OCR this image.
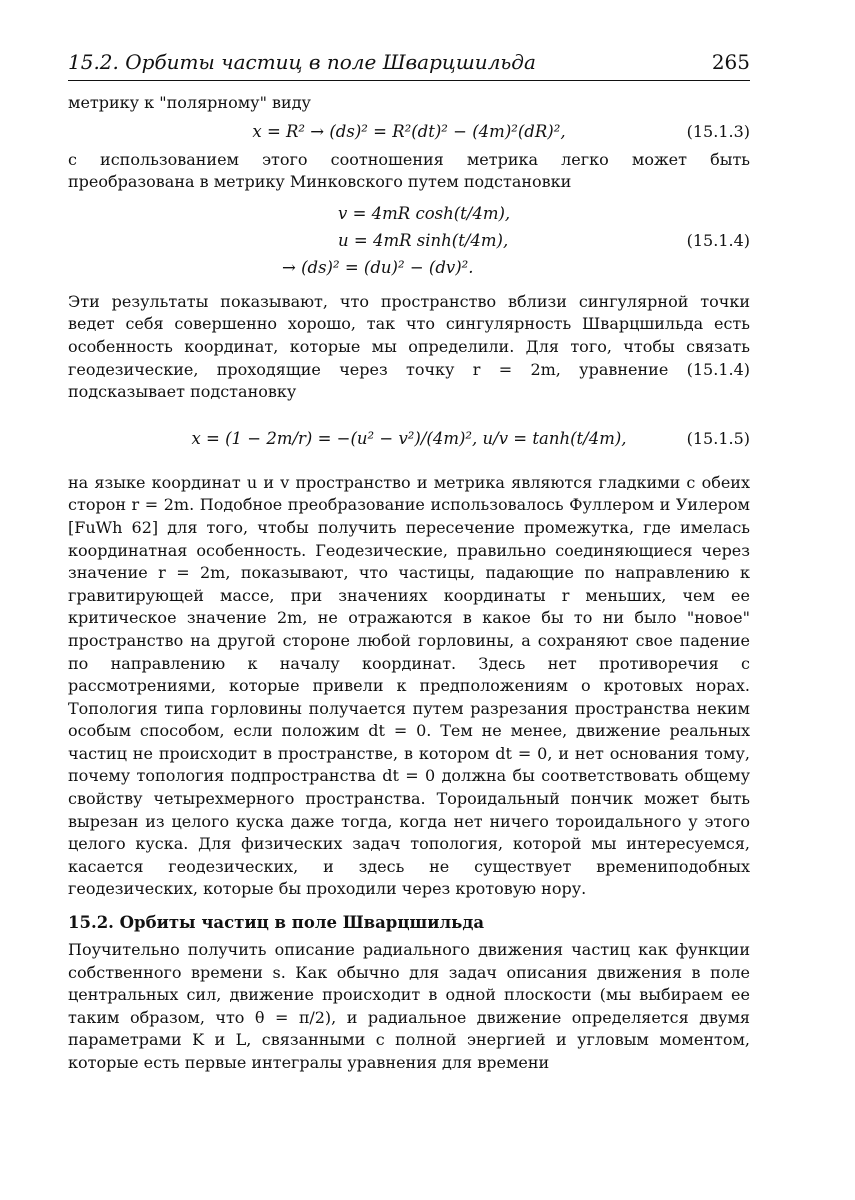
15.2. Орбиты частиц в поле Шварцшильда	265

метрику к "полярному" виду

x = R² → (ds)² = R²(dt)² − (4m)²(dR)²,	(15.1.3)

с использованием этого соотношения метрика легко может быть преобразована в метрику Минковского путем подстановки

v = 4mR cosh(t/4m),
u = 4mR sinh(t/4m),
→ (ds)² = (du)² − (dv)².
(15.1.4)

Эти результаты показывают, что пространство вблизи сингулярной точки ведет себя совершенно хорошо, так что сингулярность Шварцшильда есть особенность координат, которые мы определили. Для того, чтобы связать геодезические, проходящие через точку r = 2m, уравнение (15.1.4) подсказывает подстановку

x = (1 − 2m/r) = −(u² − v²)/(4m)², u/v = tanh(t/4m),	(15.1.5)

на языке координат u и v пространство и метрика являются гладкими с обеих сторон r = 2m. Подобное преобразование использовалось Фуллером и Уилером [FuWh 62] для того, чтобы получить пересечение промежутка, где имелась координатная особенность. Геодезические, правильно соединяющиеся через значение r = 2m, показывают, что частицы, падающие по направлению к гравитирующей массе, при значениях координаты r меньших, чем ее критическое значение 2m, не отражаются в какое бы то ни было "новое" пространство на другой стороне любой горловины, а сохраняют свое падение по направлению к началу координат. Здесь нет противоречия с рассмотрениями, которые привели к предположениям о кротовых норах. Топология типа горловины получается путем разрезания пространства неким особым способом, если положим dt = 0. Тем не менее, движение реальных частиц не происходит в пространстве, в котором dt = 0, и нет основания тому, почему топология подпространства dt = 0 должна бы соответствовать общему свойству четырехмерного пространства. Тороидальный пончик может быть вырезан из целого куска даже тогда, когда нет ничего тороидального у этого целого куска. Для физических задач топология, которой мы интересуемся, касается геодезических, и здесь не существует времениподобных геодезических, которые бы проходили через кротовую нору.

15.2. Орбиты частиц в поле Шварцшильда

Поучительно получить описание радиального движения частиц как функции собственного времени s. Как обычно для задач описания движения в поле центральных сил, движение происходит в одной плоскости (мы выбираем ее таким образом, что θ = π/2), и радиальное движение определяется двумя параметрами K и L, связанными с полной энергией и угловым моментом, которые есть первые интегралы уравнения для времени
